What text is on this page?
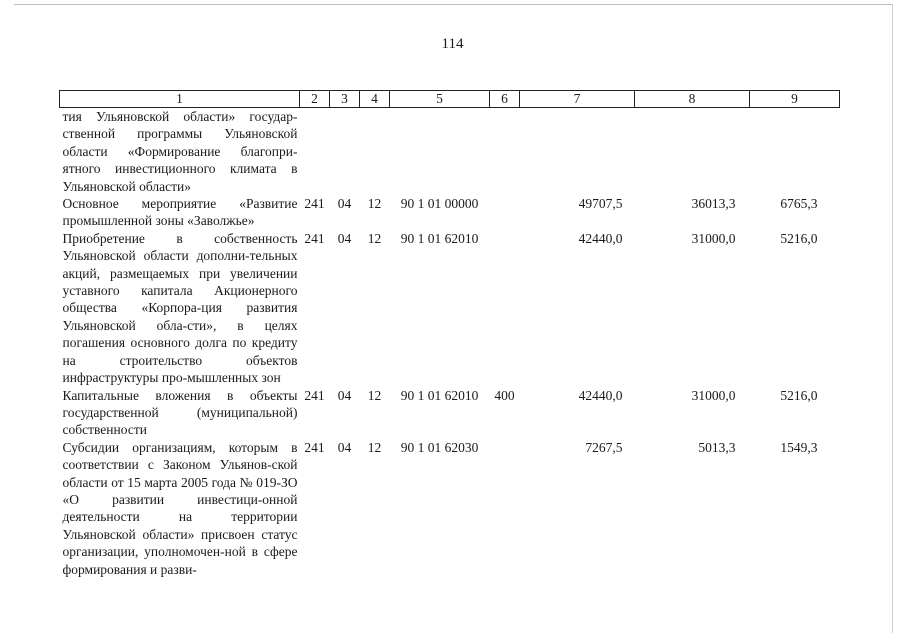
114
1	2	3	4	5	6	7	8	9
тия Ульяновской области» государ-ственной программы Ульяновской области «Формирование благопри-ятного инвестиционного климата в Ульяновской области»								
Основное мероприятие «Развитие промышленной зоны «Заволжье»	241	04	12	90 1 01 00000		49707,5	36013,3	6765,3
Приобретение в собственность Ульяновской области дополни-тельных акций, размещаемых при увеличении уставного капитала Акционерного общества «Корпора-ция развития Ульяновской обла-сти», в целях погашения основного долга по кредиту на строительство объектов инфраструктуры про-мышленных зон	241	04	12	90 1 01 62010		42440,0	31000,0	5216,0
Капитальные вложения в объекты государственной (муниципальной) собственности	241	04	12	90 1 01 62010	400	42440,0	31000,0	5216,0
Субсидии организациям, которым в соответствии с Законом Ульянов-ской области от 15 марта 2005 года № 019-ЗО «О развитии инвестици-онной деятельности на территории Ульяновской области» присвоен статус организации, уполномочен-ной в сфере формирования и разви-	241	04	12	90 1 01 62030		7267,5	5013,3	1549,3
